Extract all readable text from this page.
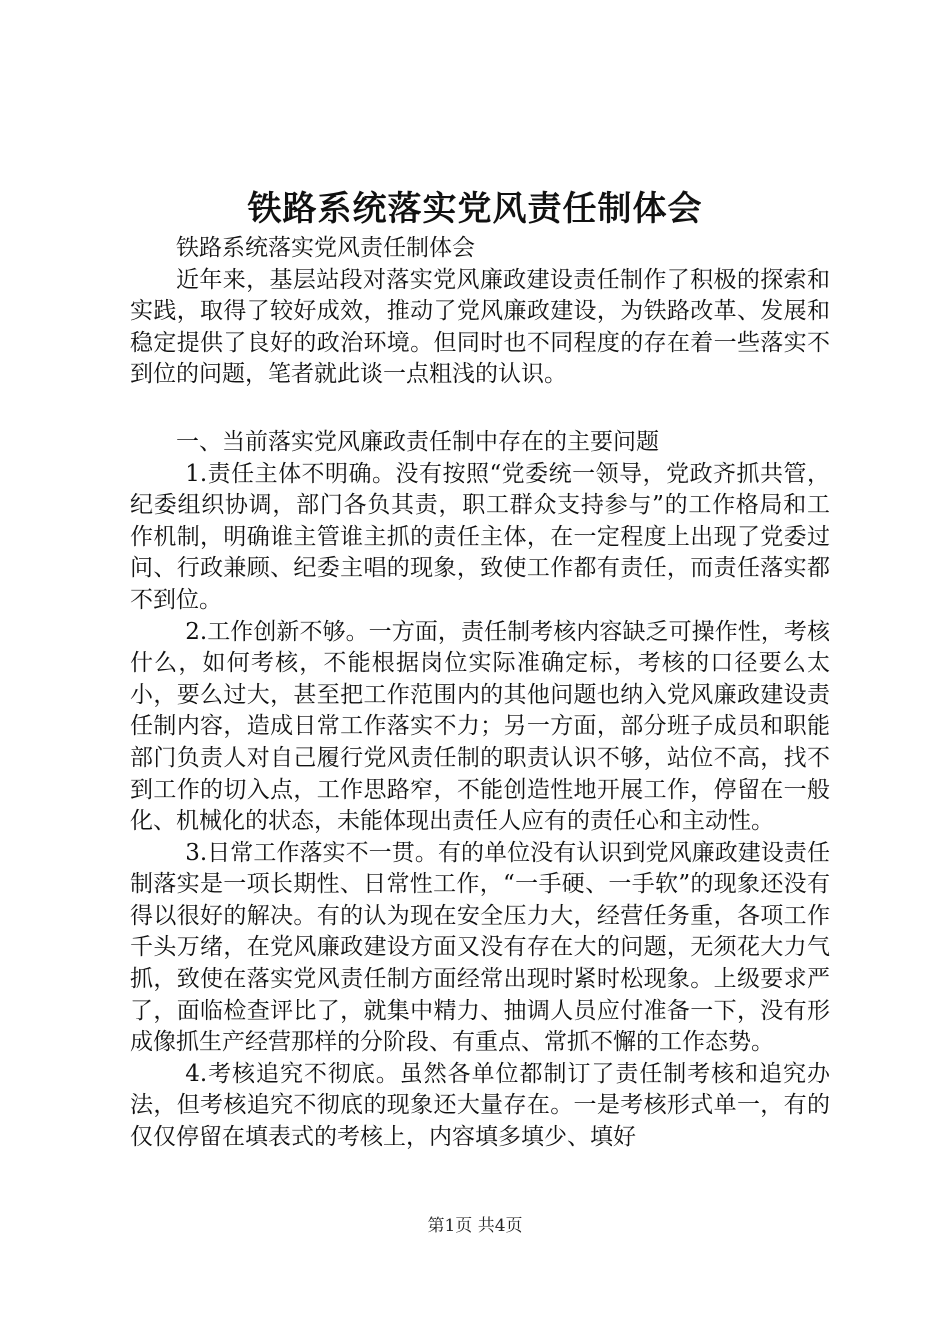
铁路系统落实党风责任制体会

铁路系统落实党风责任制体会

近年来，基层站段对落实党风廉政建设责任制作了积极的探索和实践，取得了较好成效，推动了党风廉政建设，为铁路改革、发展和稳定提供了良好的政治环境。但同时也不同程度的存在着一些落实不到位的问题，笔者就此谈一点粗浅的认识。

一、当前落实党风廉政责任制中存在的主要问题

1.责任主体不明确。没有按照“党委统一领导，党政齐抓共管，纪委组织协调，部门各负其责，职工群众支持参与”的工作格局和工作机制，明确谁主管谁主抓的责任主体，在一定程度上出现了党委过问、行政兼顾、纪委主唱的现象，致使工作都有责任，而责任落实都不到位。

2.工作创新不够。一方面，责任制考核内容缺乏可操作性，考核什么，如何考核，不能根据岗位实际准确定标，考核的口径要么太小，要么过大，甚至把工作范围内的其他问题也纳入党风廉政建设责任制内容，造成日常工作落实不力；另一方面，部分班子成员和职能部门负责人对自己履行党风责任制的职责认识不够，站位不高，找不到工作的切入点，工作思路窄，不能创造性地开展工作，停留在一般化、机械化的状态，未能体现出责任人应有的责任心和主动性。

3.日常工作落实不一贯。有的单位没有认识到党风廉政建设责任制落实是一项长期性、日常性工作，“一手硬、一手软”的现象还没有得以很好的解决。有的认为现在安全压力大，经营任务重，各项工作千头万绪，在党风廉政建设方面又没有存在大的问题，无须花大力气抓，致使在落实党风责任制方面经常出现时紧时松现象。上级要求严了，面临检查评比了，就集中精力、抽调人员应付准备一下，没有形成像抓生产经营那样的分阶段、有重点、常抓不懈的工作态势。

4.考核追究不彻底。虽然各单位都制订了责任制考核和追究办法，但考核追究不彻底的现象还大量存在。一是考核形式单一，有的仅仅停留在填表式的考核上，内容填多填少、填好

第1页 共4页
